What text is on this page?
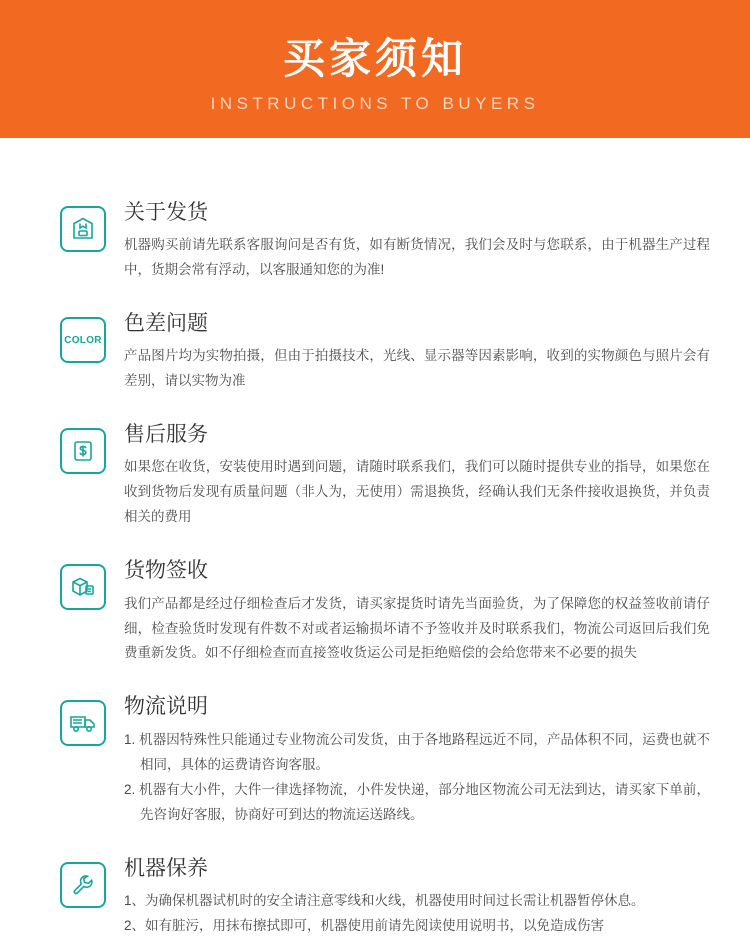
买家须知
INSTRUCTIONS TO BUYERS
关于发货

机器购买前请先联系客服询问是否有货，如有断货情况，我们会及时与您联系，由于机器生产过程中，货期会常有浮动，以客服通知您的为准!

COLOR
色差问题

产品图片均为实物拍摄，但由于拍摄技术，光线、显示器等因素影响，收到的实物颜色与照片会有差别，请以实物为准

售后服务

如果您在收货，安装使用时遇到问题，请随时联系我们，我们可以随时提供专业的指导，如果您在收到货物后发现有质量问题（非人为，无使用）需退换货，经确认我们无条件接收退换货，并负责相关的费用

货物签收

我们产品都是经过仔细检查后才发货，请买家提货时请先当面验货，为了保障您的权益签收前请仔细，检查验货时发现有件数不对或者运输损坏请不予签收并及时联系我们，物流公司返回后我们免费重新发货。如不仔细检查而直接签收货运公司是拒绝赔偿的会给您带来不必要的损失

物流说明
1. 机器因特殊性只能通过专业物流公司发货，由于各地路程远近不同，产品体积不同，运费也就不相同，具体的运费请咨询客服。
2. 机器有大小件，大件一律选择物流，小件发快递，部分地区物流公司无法到达，请买家下单前，先咨询好客服，协商好可到达的物流运送路线。
机器保养
1、为确保机器试机时的安全请注意零线和火线，机器使用时间过长需让机器暂停休息。
2、如有脏污，用抹布擦拭即可，机器使用前请先阅读使用说明书，以免造成伤害
